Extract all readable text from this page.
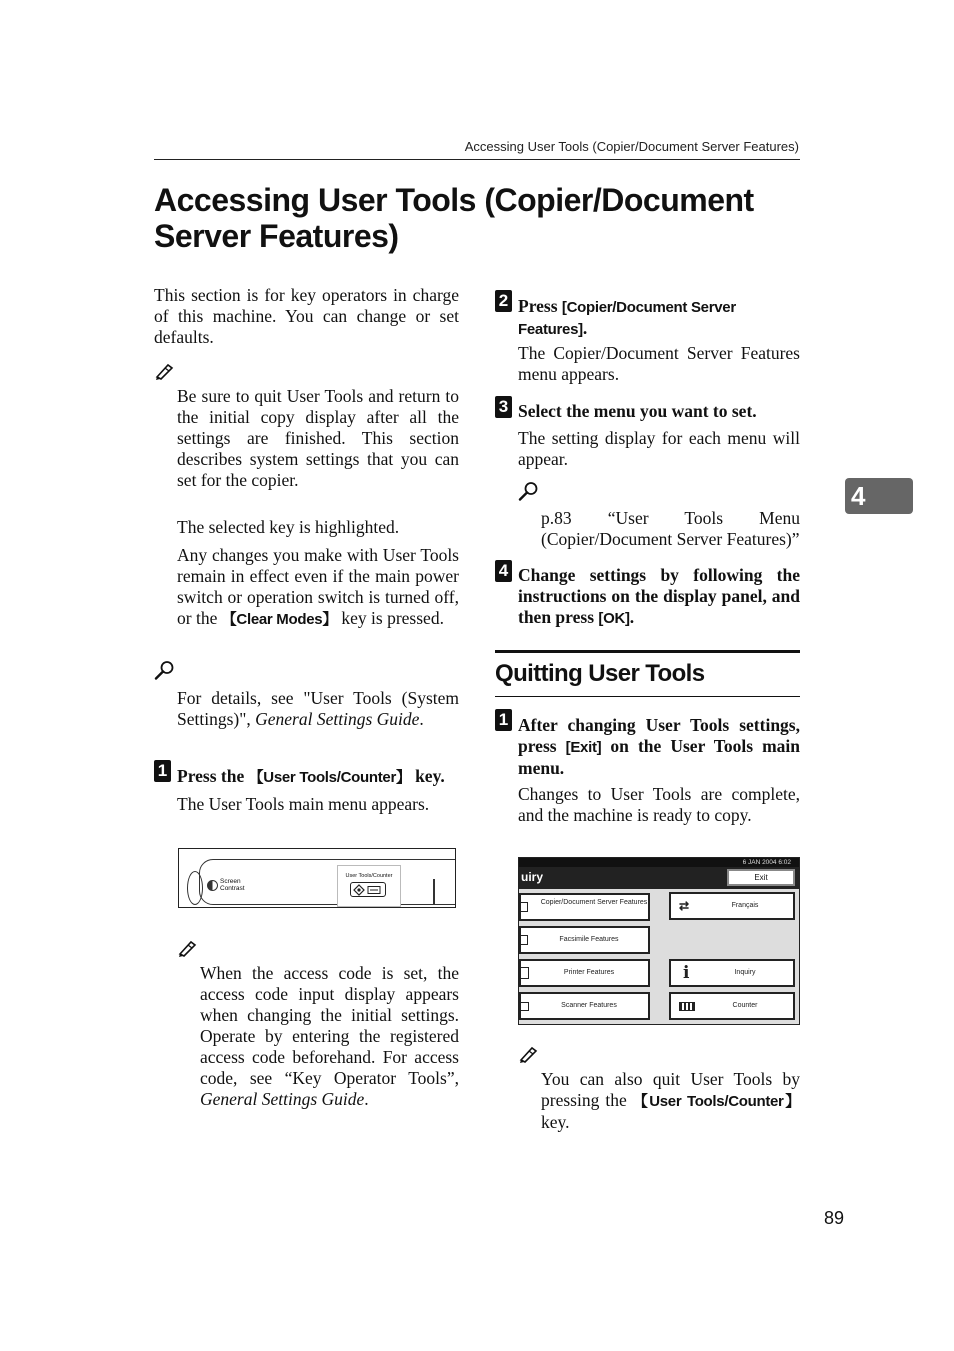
Accessing User Tools (Copier/Document Server Features)
Accessing User Tools (Copier/Document
Server Features)
4
This section is for key operators in charge of this machine. You can change or set defaults.
Be sure to quit User Tools and return to the initial copy display after all the settings are finished. This section describes system settings that you can set for the copier.
The selected key is highlighted.
Any changes you make with User Tools remain in effect even if the main power switch or operation switch is turned off, or the 【Clear Modes】 key is pressed.
For details, see "User Tools (System Settings)", General Settings Guide.
1 Press the 【User Tools/Counter】 key.
The User Tools main menu appears.
Screen
Contrast
User Tools/Counter
When the access code is set, the access code input display appears when changing the initial settings. Operate by entering the registered access code beforehand. For access code, see “Key Operator Tools”, General Settings Guide.
2 Press [Copier/Document Server Features].
The Copier/Document Server Features menu appears.
3 Select the menu you want to set.
The setting display for each menu will appear.
p.83 “User Tools Menu (Copier/Document Server Features)”
4 Change settings by following the instructions on the display panel, and then press [OK].
Quitting User Tools
1 After changing User Tools settings, press [Exit] on the User Tools main menu.
Changes to User Tools are complete, and the machine is ready to copy.
6 JAN 2004 6:02
uiry	Exit
Copier/Document Server Features	⇄	Français
Facsimile Features
Printer Features	i	Inquiry
Scanner Features	Counter
You can also quit User Tools by pressing the 【User Tools/Counter】 key.
89
